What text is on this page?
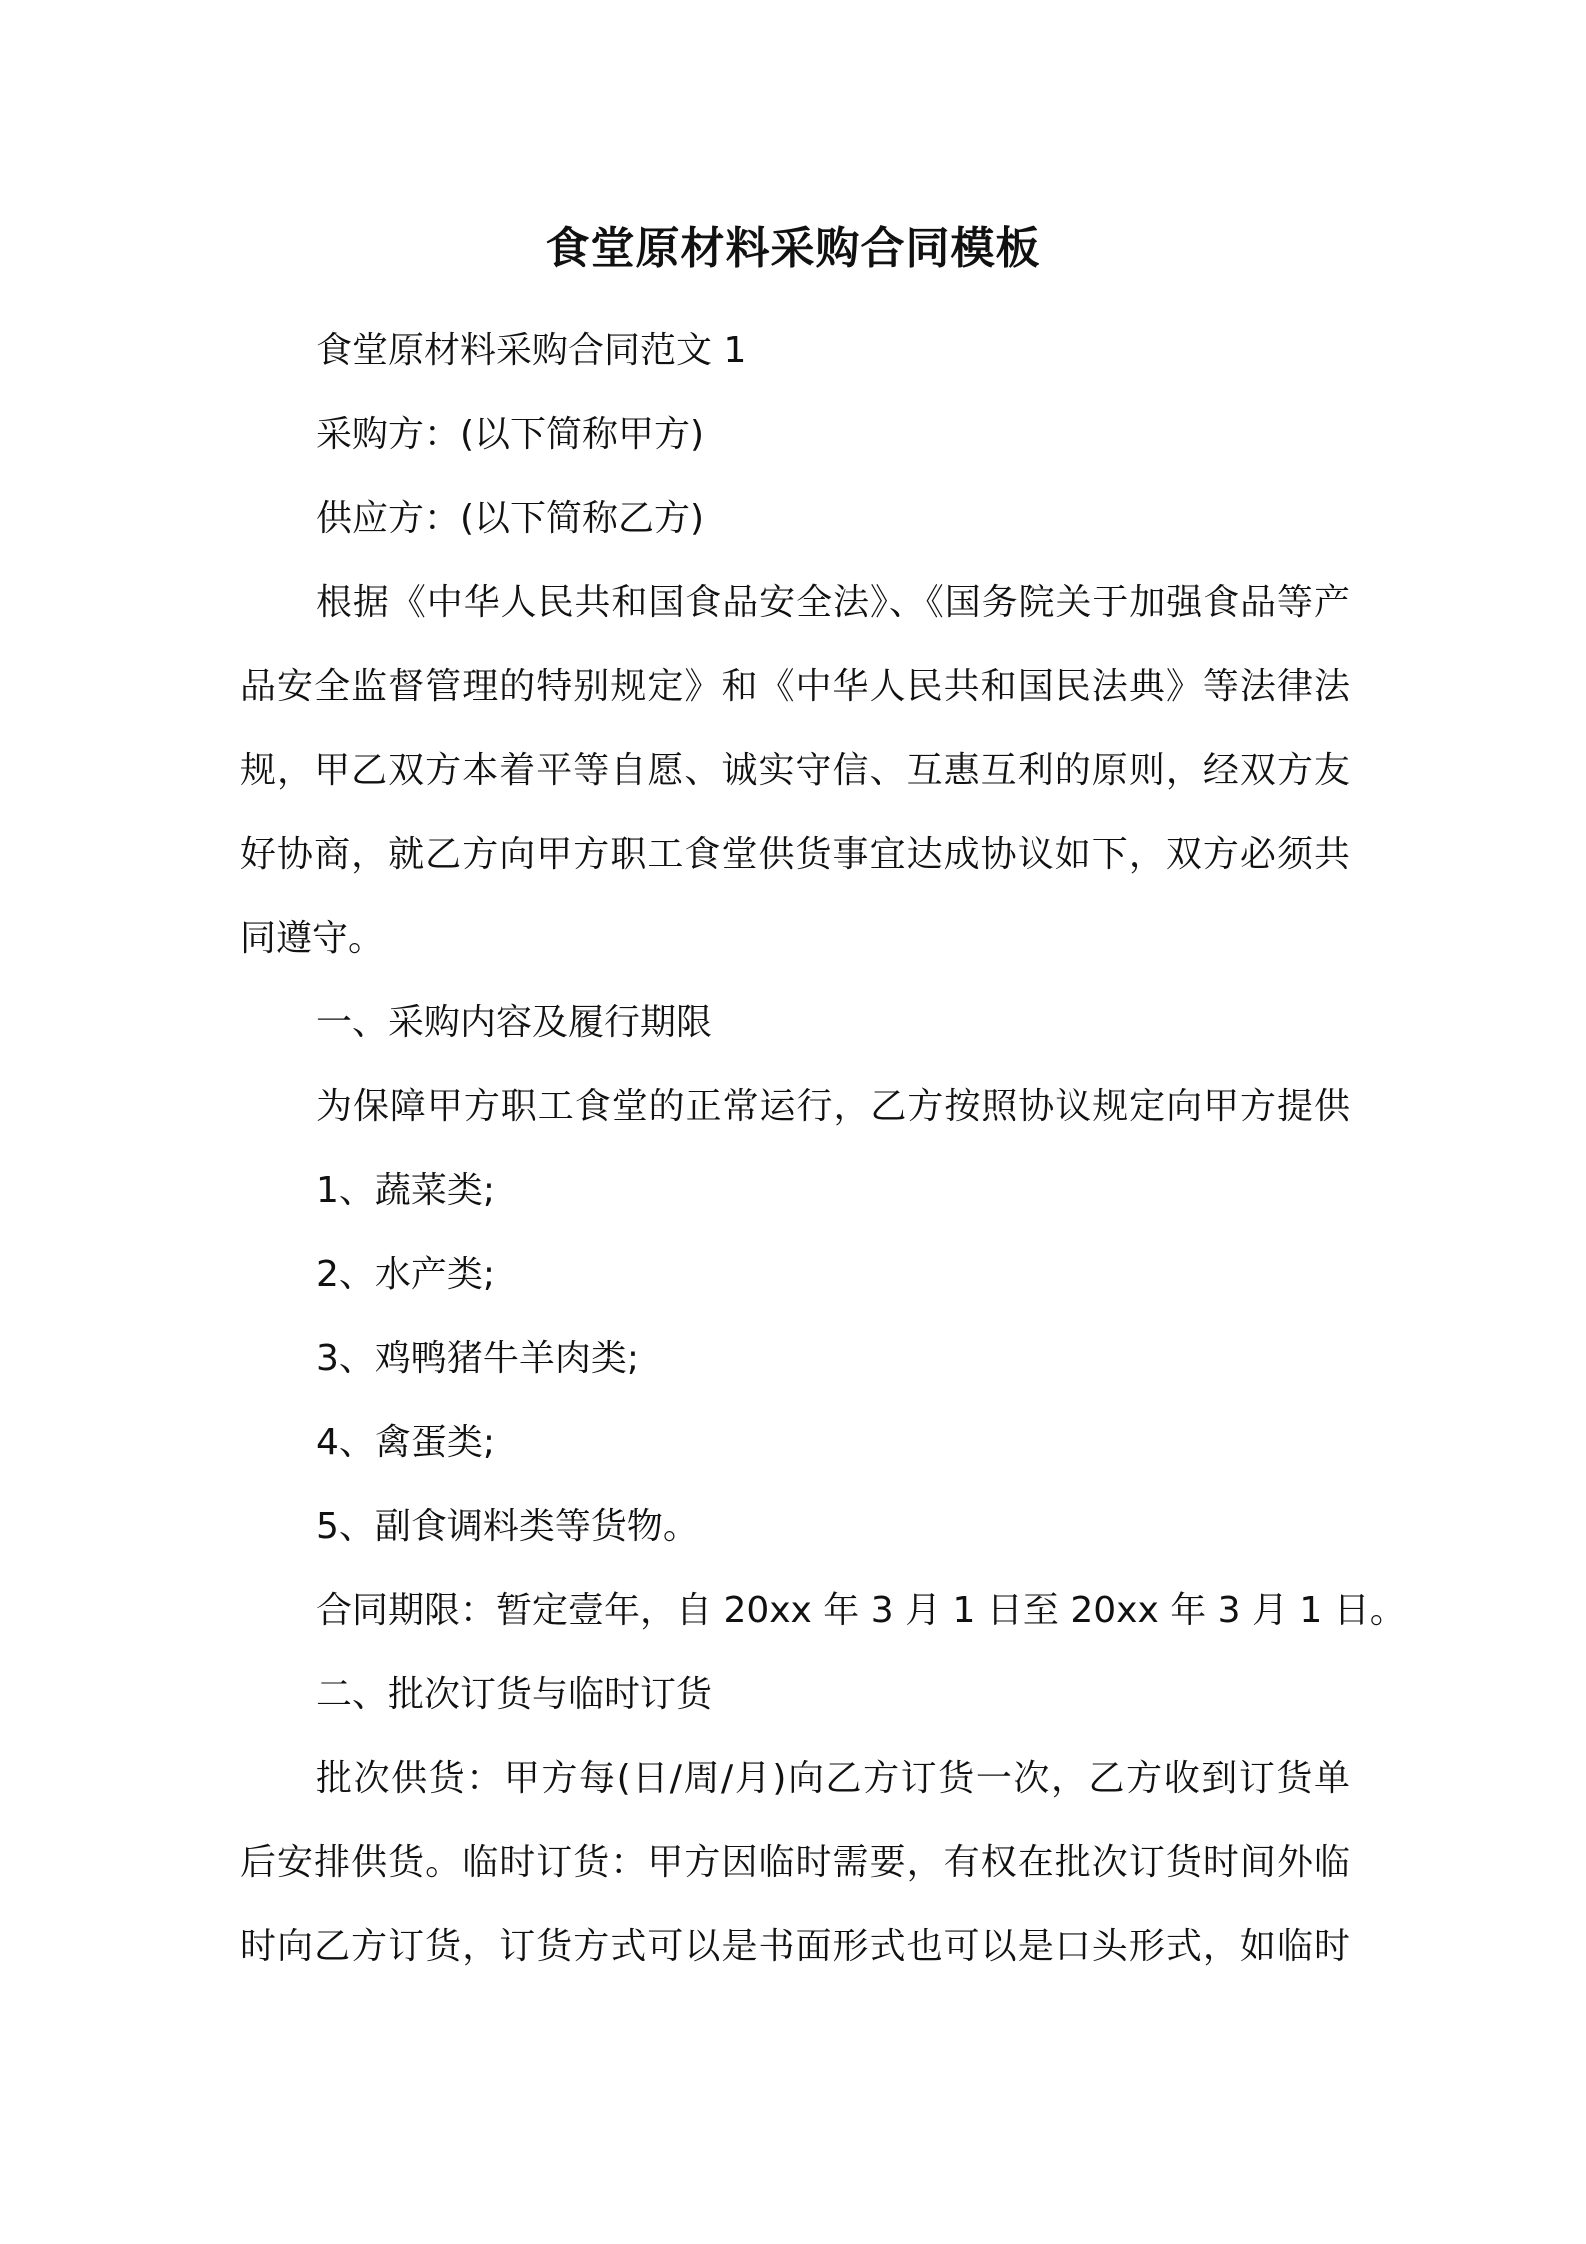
食堂原材料采购合同模板
食堂原材料采购合同范文 1
采购方：(以下简称甲方)
供应方：(以下简称乙方)
根据《中华人民共和国食品安全法》、《国务院关于加强食品等产
品安全监督管理的特别规定》和《中华人民共和国民法典》等法律法
规，甲乙双方本着平等自愿、诚实守信、互惠互利的原则，经双方友
好协商，就乙方向甲方职工食堂供货事宜达成协议如下，双方必须共
同遵守。
一、采购内容及履行期限
为保障甲方职工食堂的正常运行，乙方按照协议规定向甲方提供
1、蔬菜类;
2、水产类;
3、鸡鸭猪牛羊肉类;
4、禽蛋类;
5、副食调料类等货物。
合同期限：暂定壹年，自 20xx 年 3 月 1 日至 20xx 年 3 月 1 日。
二、批次订货与临时订货
批次供货：甲方每(日/周/月)向乙方订货一次，乙方收到订货单
后安排供货。临时订货：甲方因临时需要，有权在批次订货时间外临
时向乙方订货，订货方式可以是书面形式也可以是口头形式，如临时
